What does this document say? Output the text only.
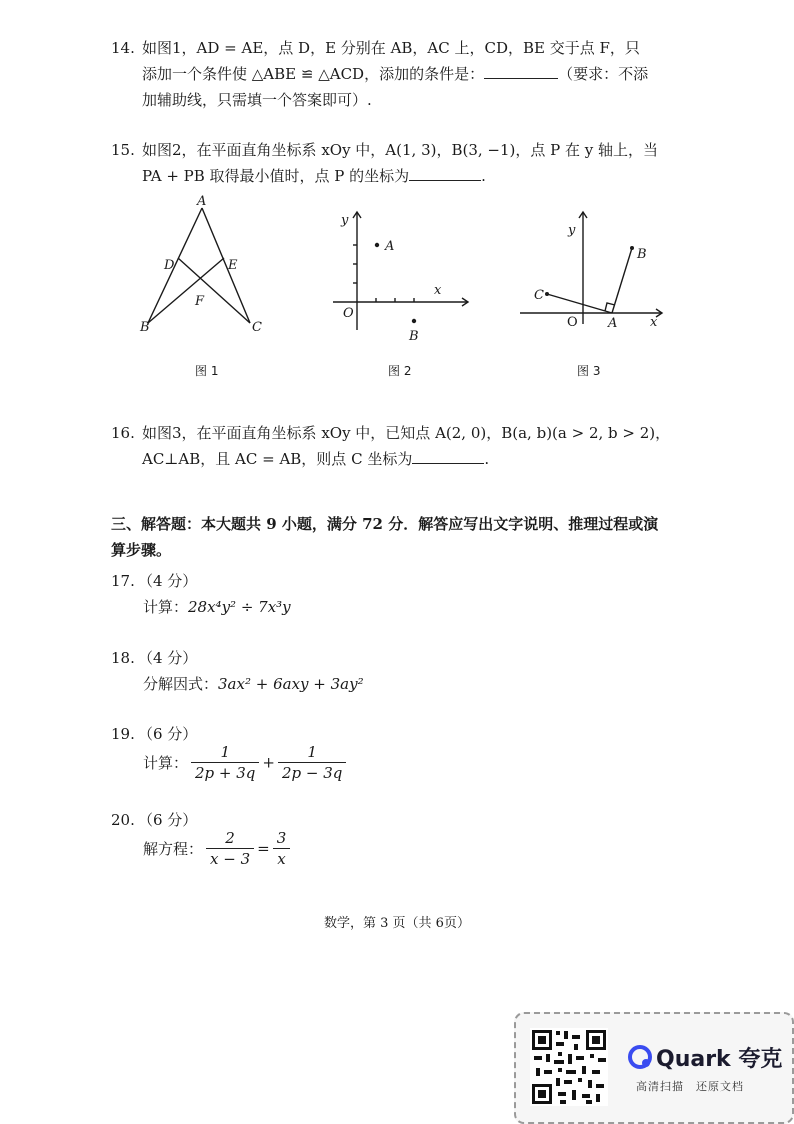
14. 如图1，AD = AE，点 D，E 分别在 AB，AC 上，CD，BE 交于点 F，只
添加一个条件使 △ABE ≌ △ACD，添加的条件是：	（要求：不添
加辅助线，只需填一个答案即可）.
15. 如图2，在平面直角坐标系 xOy 中，A(1, 3)，B(3, −1)，点 P 在 y 轴上，当
PA + PB 取得最小值时，点 P 的坐标为	.
A
B	C
D	E
F
y
x
O
A
B
y
x
O A
B
C
图 1	图 2	图 3
16. 如图3，在平面直角坐标系 xOy 中，已知点 A(2, 0)，B(a, b)(a > 2, b > 2)，
AC⊥AB，且 AC = AB，则点 C 坐标为	.
三、解答题：本大题共 9 小题，满分 72 分．解答应写出文字说明、推理过程或演
算步骤。
17. （4 分）
计算：28x⁴y² ÷ 7x³y
18. （4 分）
分解因式：3ax² + 6axy + 3ay²
19. （6 分）
计算： $\frac{1}{2p + 3q} + \frac{1}{2p - 3q}$
20. （6 分）
解方程： $\frac{2}{x - 3} = \frac{3}{x}$
数学，第 3 页（共 6页）
Quark 夸克
高清扫描　还原文档
